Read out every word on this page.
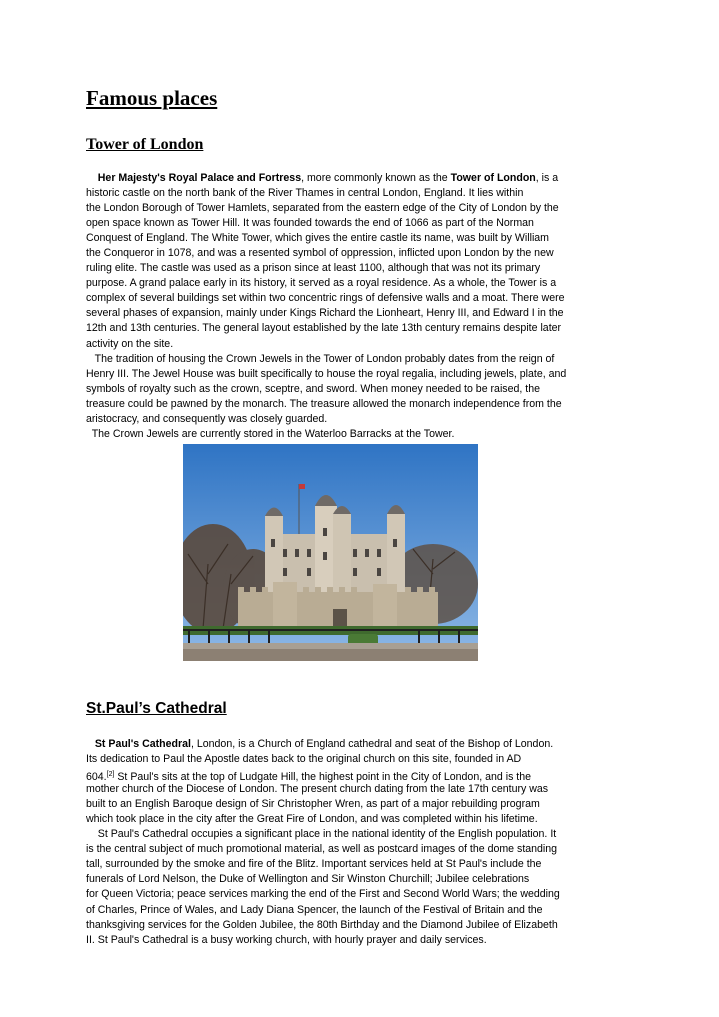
Famous places
Tower of London
Her Majesty's Royal Palace and Fortress, more commonly known as the Tower of London, is a
historic castle on the north bank of the River Thames in central London, England. It lies within
the London Borough of Tower Hamlets, separated from the eastern edge of the City of London by the
open space known as Tower Hill. It was founded towards the end of 1066 as part of the Norman
Conquest of England. The White Tower, which gives the entire castle its name, was built by William
the Conqueror in 1078, and was a resented symbol of oppression, inflicted upon London by the new
ruling elite. The castle was used as a prison since at least 1100, although that was not its primary
purpose. A grand palace early in its history, it served as a royal residence. As a whole, the Tower is a
complex of several buildings set within two concentric rings of defensive walls and a moat. There were
several phases of expansion, mainly under Kings Richard the Lionheart, Henry III, and Edward I in the
12th and 13th centuries. The general layout established by the late 13th century remains despite later
activity on the site.
The tradition of housing the Crown Jewels in the Tower of London probably dates from the reign of
Henry III. The Jewel House was built specifically to house the royal regalia, including jewels, plate, and
symbols of royalty such as the crown, sceptre, and sword. When money needed to be raised, the
treasure could be pawned by the monarch. The treasure allowed the monarch independence from the
aristocracy, and consequently was closely guarded.
The Crown Jewels are currently stored in the Waterloo Barracks at the Tower.
St.Paul’s Cathedral
St Paul's Cathedral, London, is a Church of England cathedral and seat of the Bishop of London.
Its dedication to Paul the Apostle dates back to the original church on this site, founded in AD
604.[2] St Paul's sits at the top of Ludgate Hill, the highest point in the City of London, and is the
mother church of the Diocese of London. The present church dating from the late 17th century was
built to an English Baroque design of Sir Christopher Wren, as part of a major rebuilding program
which took place in the city after the Great Fire of London, and was completed within his lifetime.
St Paul's Cathedral occupies a significant place in the national identity of the English population. It
is the central subject of much promotional material, as well as postcard images of the dome standing
tall, surrounded by the smoke and fire of the Blitz. Important services held at St Paul's include the
funerals of Lord Nelson, the Duke of Wellington and Sir Winston Churchill; Jubilee celebrations
for Queen Victoria; peace services marking the end of the First and Second World Wars; the wedding
of Charles, Prince of Wales, and Lady Diana Spencer, the launch of the Festival of Britain and the
thanksgiving services for the Golden Jubilee, the 80th Birthday and the Diamond Jubilee of Elizabeth
II. St Paul's Cathedral is a busy working church, with hourly prayer and daily services.
